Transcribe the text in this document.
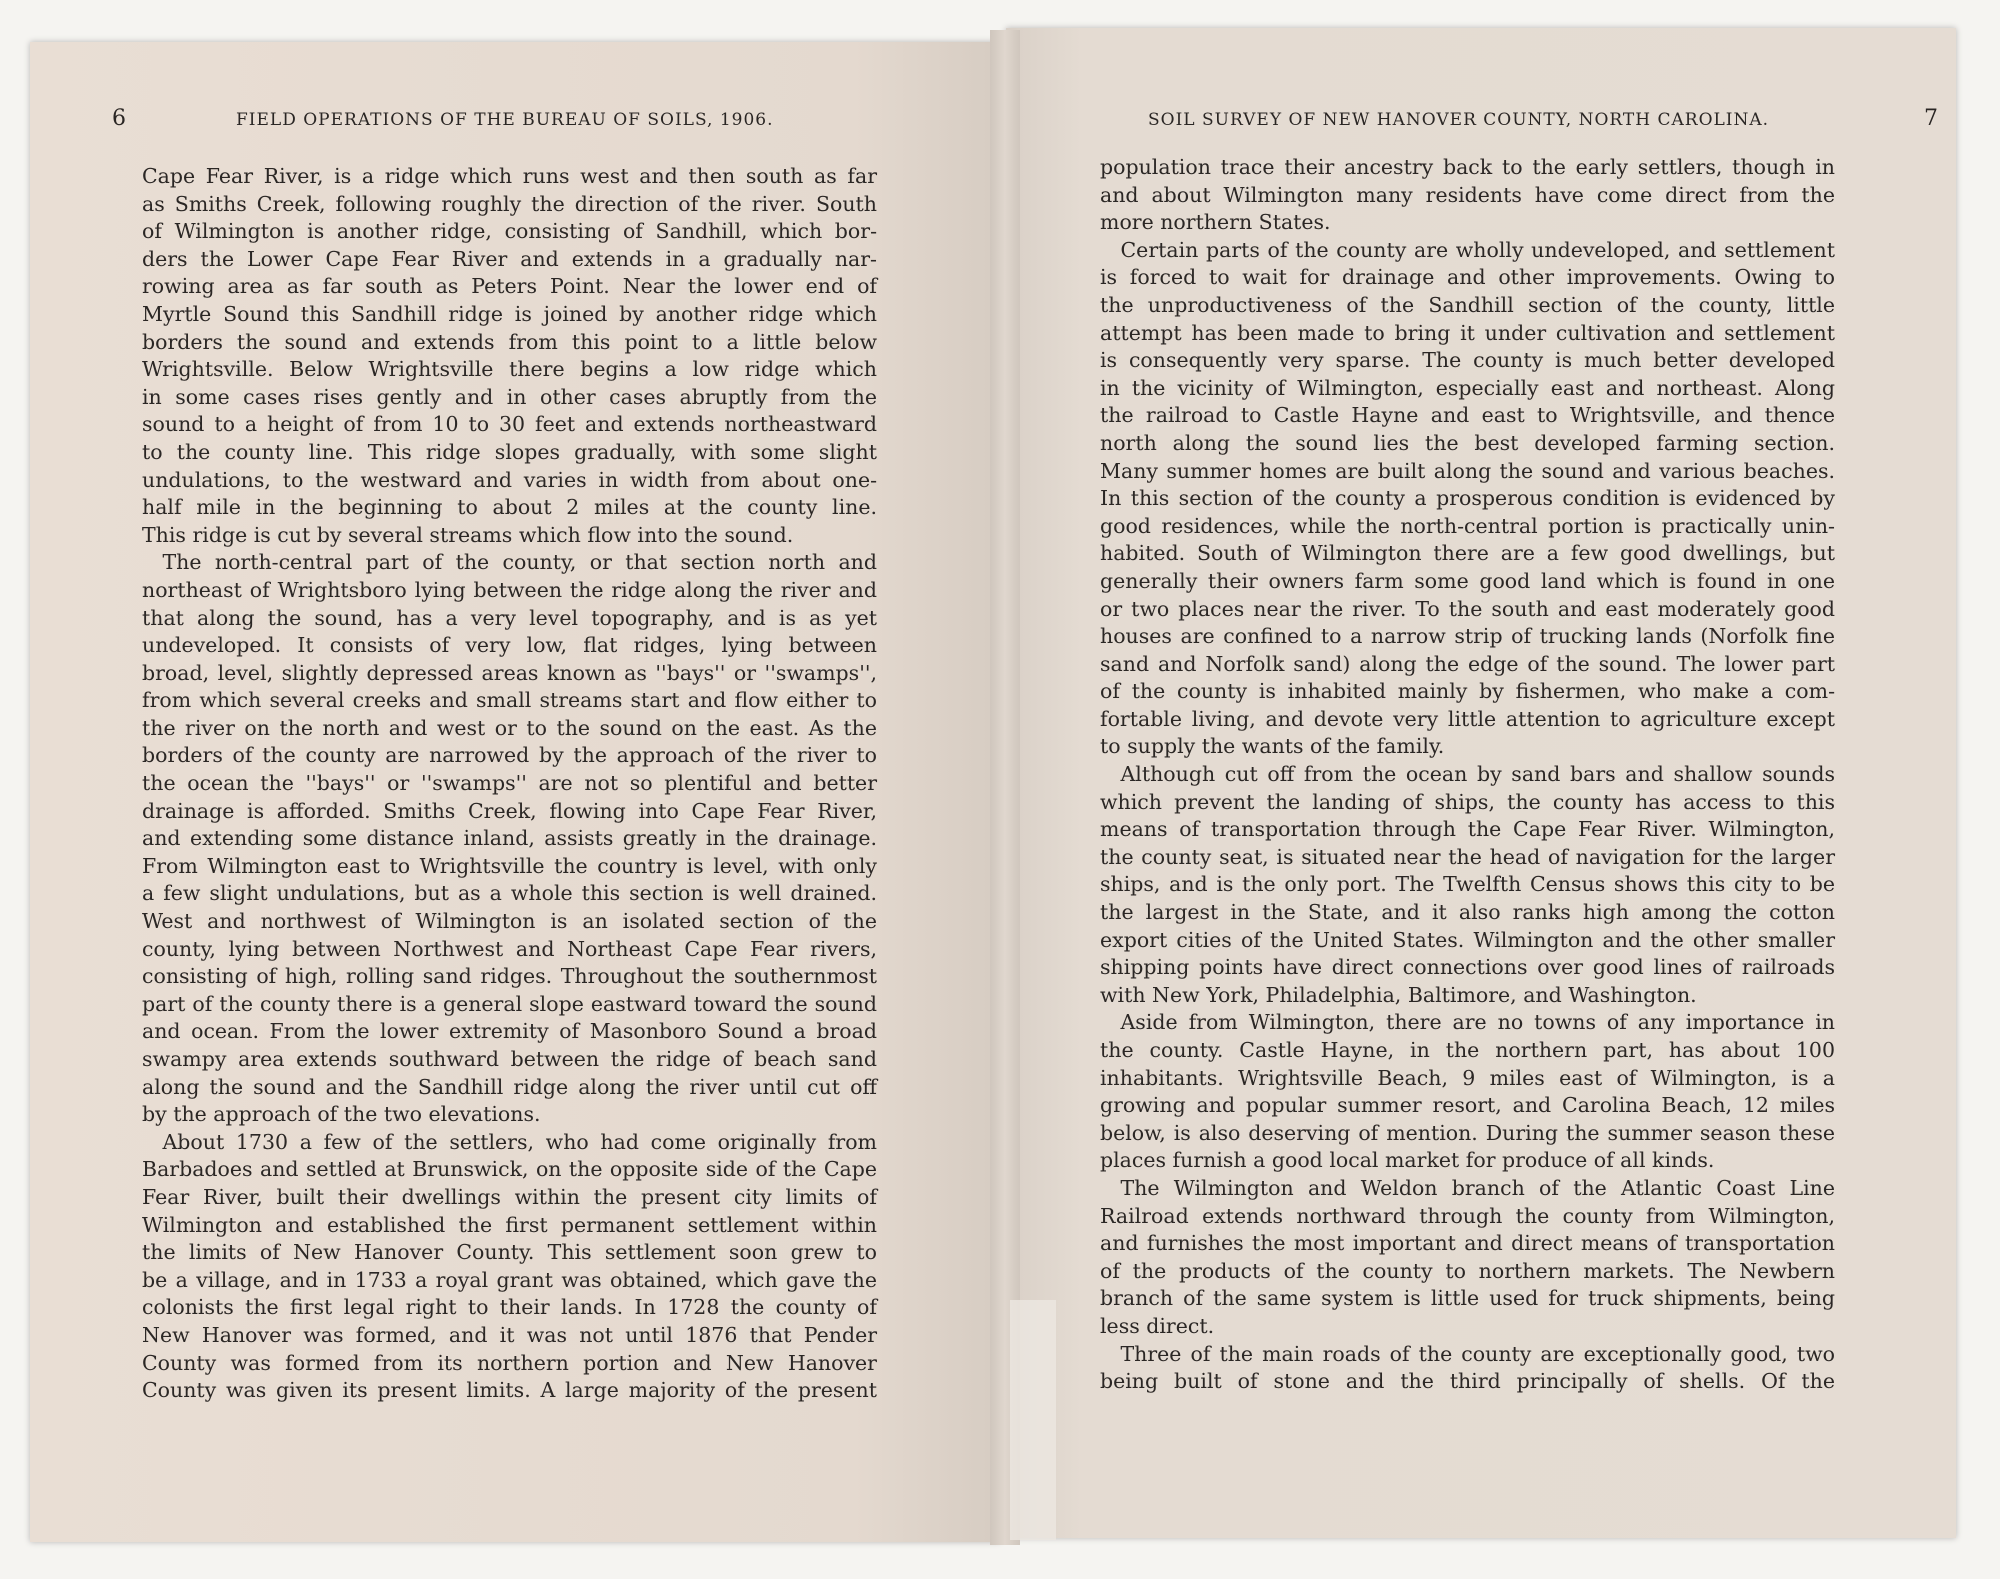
6	FIELD OPERATIONS OF THE BUREAU OF SOILS, 1906.	SOIL SURVEY OF NEW HANOVER COUNTY, NORTH CAROLINA.	7
Cape Fear River, is a ridge which runs west and then south as far
as Smiths Creek, following roughly the direction of the river. South
of Wilmington is another ridge, consisting of Sandhill, which bor-
ders the Lower Cape Fear River and extends in a gradually nar-
rowing area as far south as Peters Point. Near the lower end of
Myrtle Sound this Sandhill ridge is joined by another ridge which
borders the sound and extends from this point to a little below
Wrightsville. Below Wrightsville there begins a low ridge which
in some cases rises gently and in other cases abruptly from the
sound to a height of from 10 to 30 feet and extends northeastward
to the county line. This ridge slopes gradually, with some slight
undulations, to the westward and varies in width from about one-
half mile in the beginning to about 2 miles at the county line.
This ridge is cut by several streams which flow into the sound.
 The north-central part of the county, or that section north and
northeast of Wrightsboro lying between the ridge along the river and
that along the sound, has a very level topography, and is as yet
undeveloped. It consists of very low, flat ridges, lying between
broad, level, slightly depressed areas known as ''bays'' or ''swamps'',
from which several creeks and small streams start and flow either to
the river on the north and west or to the sound on the east. As the
borders of the county are narrowed by the approach of the river to
the ocean the ''bays'' or ''swamps'' are not so plentiful and better
drainage is afforded. Smiths Creek, flowing into Cape Fear River,
and extending some distance inland, assists greatly in the drainage.
From Wilmington east to Wrightsville the country is level, with only
a few slight undulations, but as a whole this section is well drained.
West and northwest of Wilmington is an isolated section of the
county, lying between Northwest and Northeast Cape Fear rivers,
consisting of high, rolling sand ridges. Throughout the southernmost
part of the county there is a general slope eastward toward the sound
and ocean. From the lower extremity of Masonboro Sound a broad
swampy area extends southward between the ridge of beach sand
along the sound and the Sandhill ridge along the river until cut off
by the approach of the two elevations.
 About 1730 a few of the settlers, who had come originally from
Barbadoes and settled at Brunswick, on the opposite side of the Cape
Fear River, built their dwellings within the present city limits of
Wilmington and established the first permanent settlement within
the limits of New Hanover County. This settlement soon grew to
be a village, and in 1733 a royal grant was obtained, which gave the
colonists the first legal right to their lands. In 1728 the county of
New Hanover was formed, and it was not until 1876 that Pender
County was formed from its northern portion and New Hanover
County was given its present limits. A large majority of the present
population trace their ancestry back to the early settlers, though in
and about Wilmington many residents have come direct from the
more northern States.
 Certain parts of the county are wholly undeveloped, and settlement
is forced to wait for drainage and other improvements. Owing to
the unproductiveness of the Sandhill section of the county, little
attempt has been made to bring it under cultivation and settlement
is consequently very sparse. The county is much better developed
in the vicinity of Wilmington, especially east and northeast. Along
the railroad to Castle Hayne and east to Wrightsville, and thence
north along the sound lies the best developed farming section.
Many summer homes are built along the sound and various beaches.
In this section of the county a prosperous condition is evidenced by
good residences, while the north-central portion is practically unin-
habited. South of Wilmington there are a few good dwellings, but
generally their owners farm some good land which is found in one
or two places near the river. To the south and east moderately good
houses are confined to a narrow strip of trucking lands (Norfolk fine
sand and Norfolk sand) along the edge of the sound. The lower part
of the county is inhabited mainly by fishermen, who make a com-
fortable living, and devote very little attention to agriculture except
to supply the wants of the family.
 Although cut off from the ocean by sand bars and shallow sounds
which prevent the landing of ships, the county has access to this
means of transportation through the Cape Fear River. Wilmington,
the county seat, is situated near the head of navigation for the larger
ships, and is the only port. The Twelfth Census shows this city to be
the largest in the State, and it also ranks high among the cotton
export cities of the United States. Wilmington and the other smaller
shipping points have direct connections over good lines of railroads
with New York, Philadelphia, Baltimore, and Washington.
 Aside from Wilmington, there are no towns of any importance in
the county. Castle Hayne, in the northern part, has about 100
inhabitants. Wrightsville Beach, 9 miles east of Wilmington, is a
growing and popular summer resort, and Carolina Beach, 12 miles
below, is also deserving of mention. During the summer season these
places furnish a good local market for produce of all kinds.
 The Wilmington and Weldon branch of the Atlantic Coast Line
Railroad extends northward through the county from Wilmington,
and furnishes the most important and direct means of transportation
of the products of the county to northern markets. The Newbern
branch of the same system is little used for truck shipments, being
less direct.
 Three of the main roads of the county are exceptionally good, two
being built of stone and the third principally of shells. Of the
